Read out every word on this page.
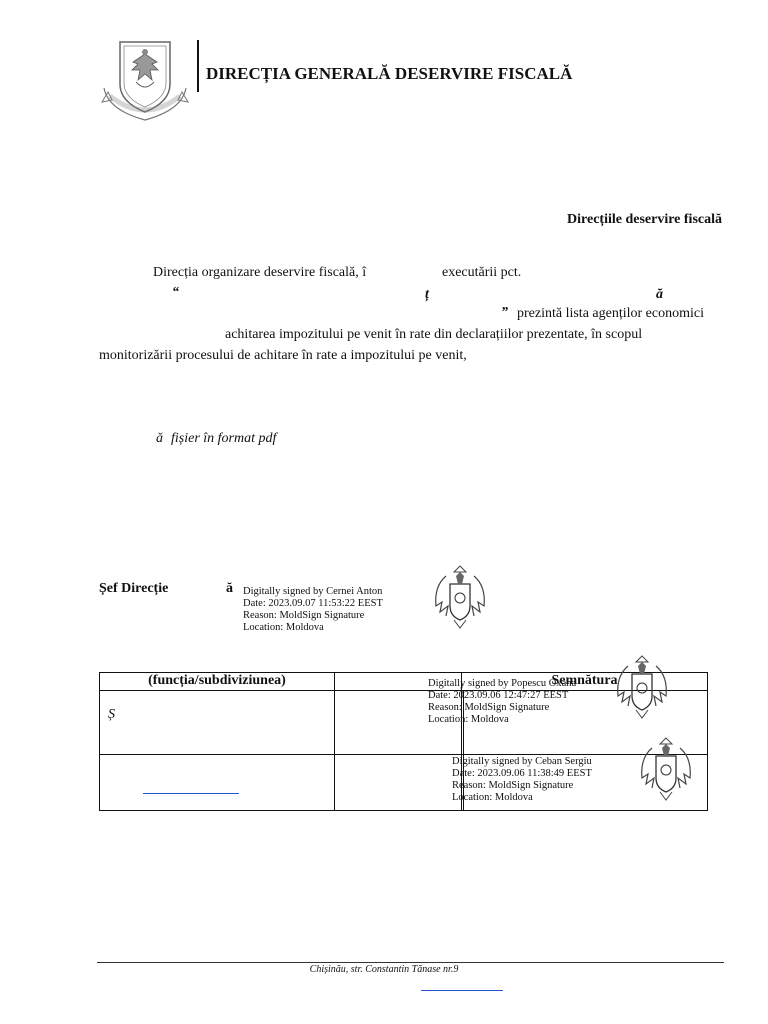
DIRECȚIA GENERALĂ DESERVIRE FISCALĂ
Direcțiile deservire fiscală
Direcția organizare deservire fiscală, î	executării pct.
“	ț	ă
” prezintă lista agenților economici
achitarea impozitului pe venit în rate din declarațiilor prezentate, în scopul
monitorizării procesului de achitare în rate a impozitului pe venit,
ă fișier în format pdf
Șef Direcție	ă Digitally signed by Cernei Anton
Date: 2023.09.07 11:53:22 EEST
Reason: MoldSign Signature
Location: Moldova
(funcția/subdiviziunea)		Semnătura
Ș		

Digitally signed by Popescu Oxana
Date: 2023.09.06 12:47:27 EEST
Reason: MoldSign Signature
Location: Moldova
Digitally signed by Ceban Sergiu
Date: 2023.09.06 11:38:49 EEST
Reason: MoldSign Signature
Location: Moldova
Chișinău, str. Constantin Tănase nr.9
